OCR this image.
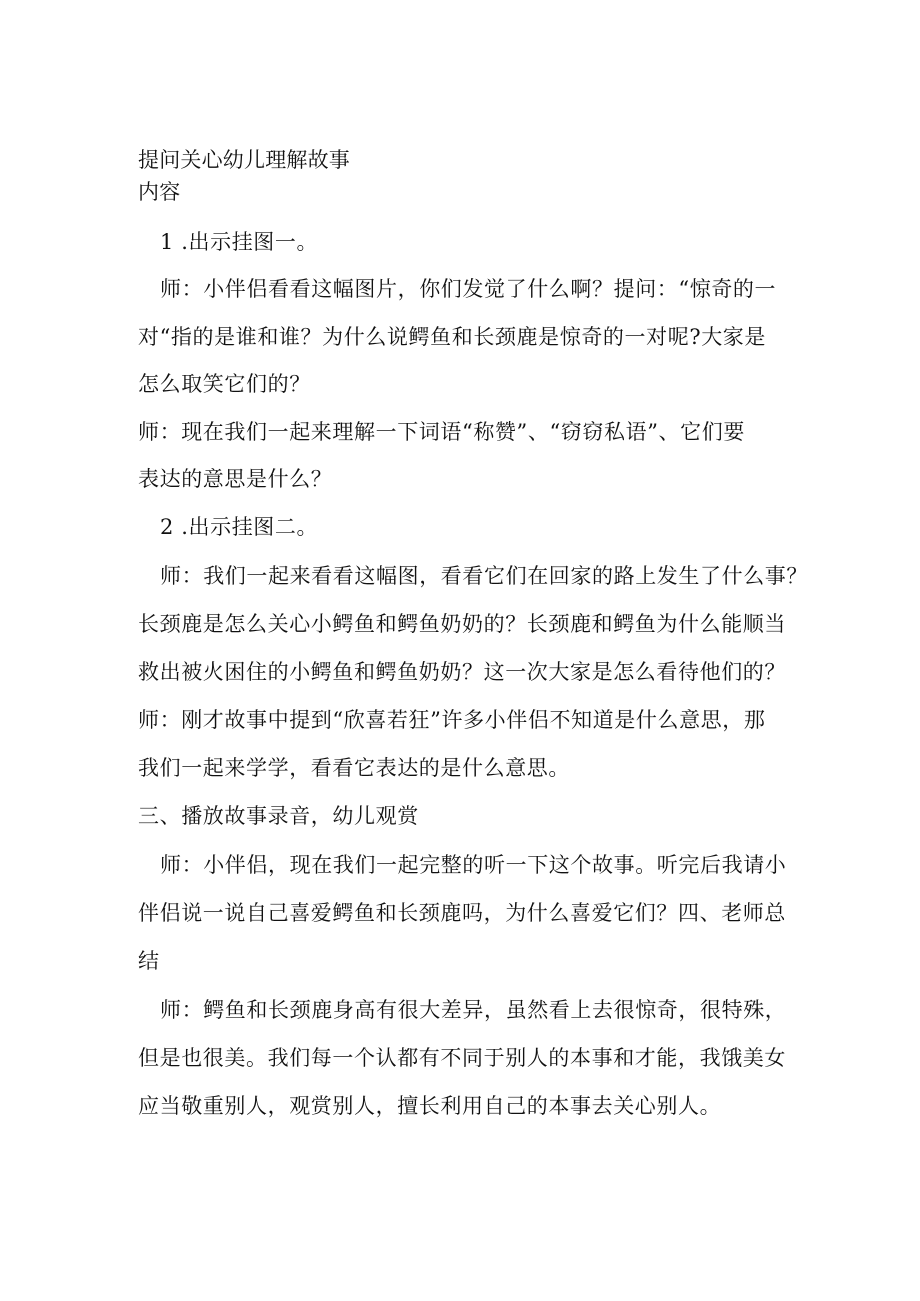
提问关心幼儿理解故事
内容
1 .出示挂图一。
师：小伴侣看看这幅图片，你们发觉了什么啊？提问：“惊奇的一
对“指的是谁和谁？为什么说鳄鱼和长颈鹿是惊奇的一对呢?大家是
怎么取笑它们的？
师：现在我们一起来理解一下词语“称赞”、“窃窃私语”、它们要
表达的意思是什么？
2 .出示挂图二。
师：我们一起来看看这幅图，看看它们在回家的路上发生了什么事？
长颈鹿是怎么关心小鳄鱼和鳄鱼奶奶的？长颈鹿和鳄鱼为什么能顺当
救出被火困住的小鳄鱼和鳄鱼奶奶？这一次大家是怎么看待他们的？
师：刚才故事中提到“欣喜若狂”许多小伴侣不知道是什么意思，那
我们一起来学学，看看它表达的是什么意思。
三、播放故事录音，幼儿观赏
师：小伴侣，现在我们一起完整的听一下这个故事。听完后我请小
伴侣说一说自己喜爱鳄鱼和长颈鹿吗，为什么喜爱它们？四、老师总
结
师：鳄鱼和长颈鹿身高有很大差异，虽然看上去很惊奇，很特殊，
但是也很美。我们每一个认都有不同于别人的本事和才能，我饿美女
应当敬重别人，观赏别人，擅长利用自己的本事去关心别人。
